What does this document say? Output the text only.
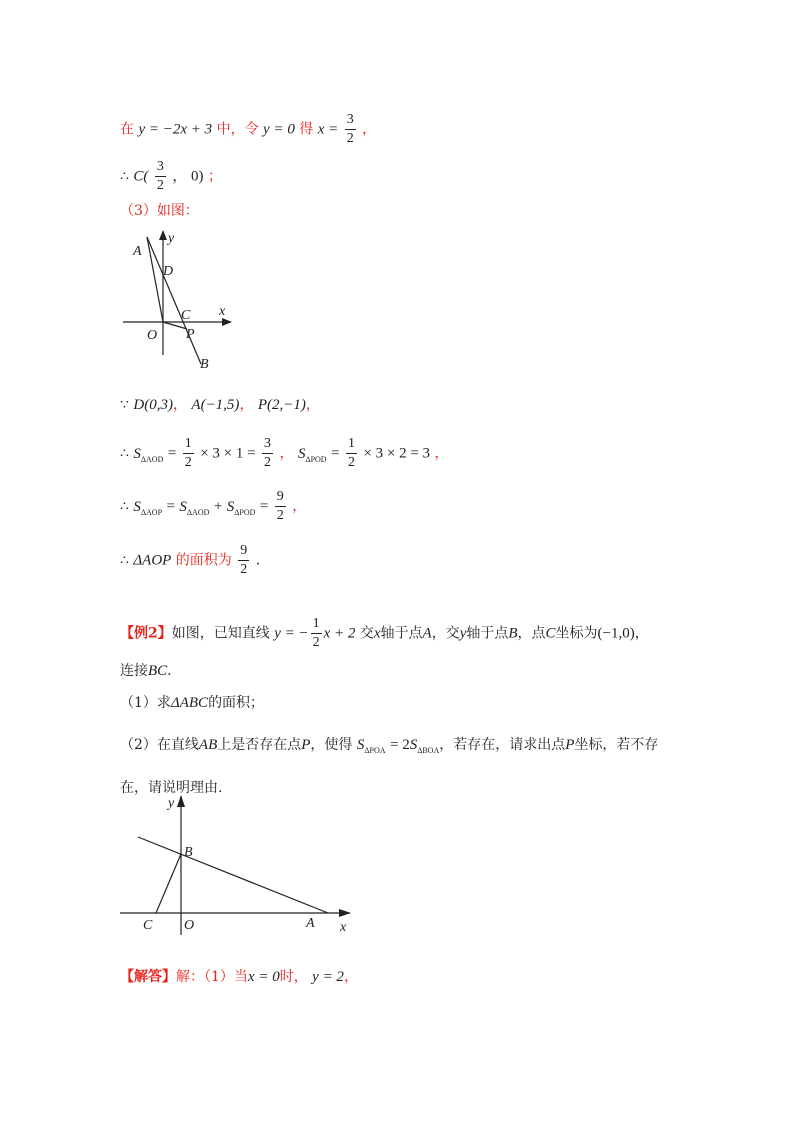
在 y = −2x + 3 中，令 y = 0 得 $x = \frac{3}{2}$ ，
∴ $C( \frac{3}{2}$ ， 0) ；
（3）如图：
A
y
D
x
C
O P
B
∵ D(0,3)， A(−1,5)， P(2,−1)，
∴ $S_{\Delta AOD} = \frac{1}{2} \times 3 \times 1 = \frac{3}{2}$ ， $S_{\Delta POD} = \frac{1}{2} \times 3 \times 2 = 3$ ，
∴ $S_{\Delta AOP} = S_{\Delta AOD} + S_{\Delta POD} = \frac{9}{2}$ ，
∴ ΔAOP 的面积为 $\frac{9}{2}$ .
【例2】如图，已知直线 y = − $\frac{1}{2}$ x + 2 交x轴于点A，交y轴于点B，点C坐标为(−1,0)，
连接BC.
（1）求ΔABC的面积；
（2）在直线AB上是否存在点P，使得 $S_{\Delta POA} = 2S_{\Delta BOA}$，若存在，请求出点P坐标，若不存
在，请说明理由.
y
B
C O	A x
【解答】解：（1）当x = 0时， y = 2，
